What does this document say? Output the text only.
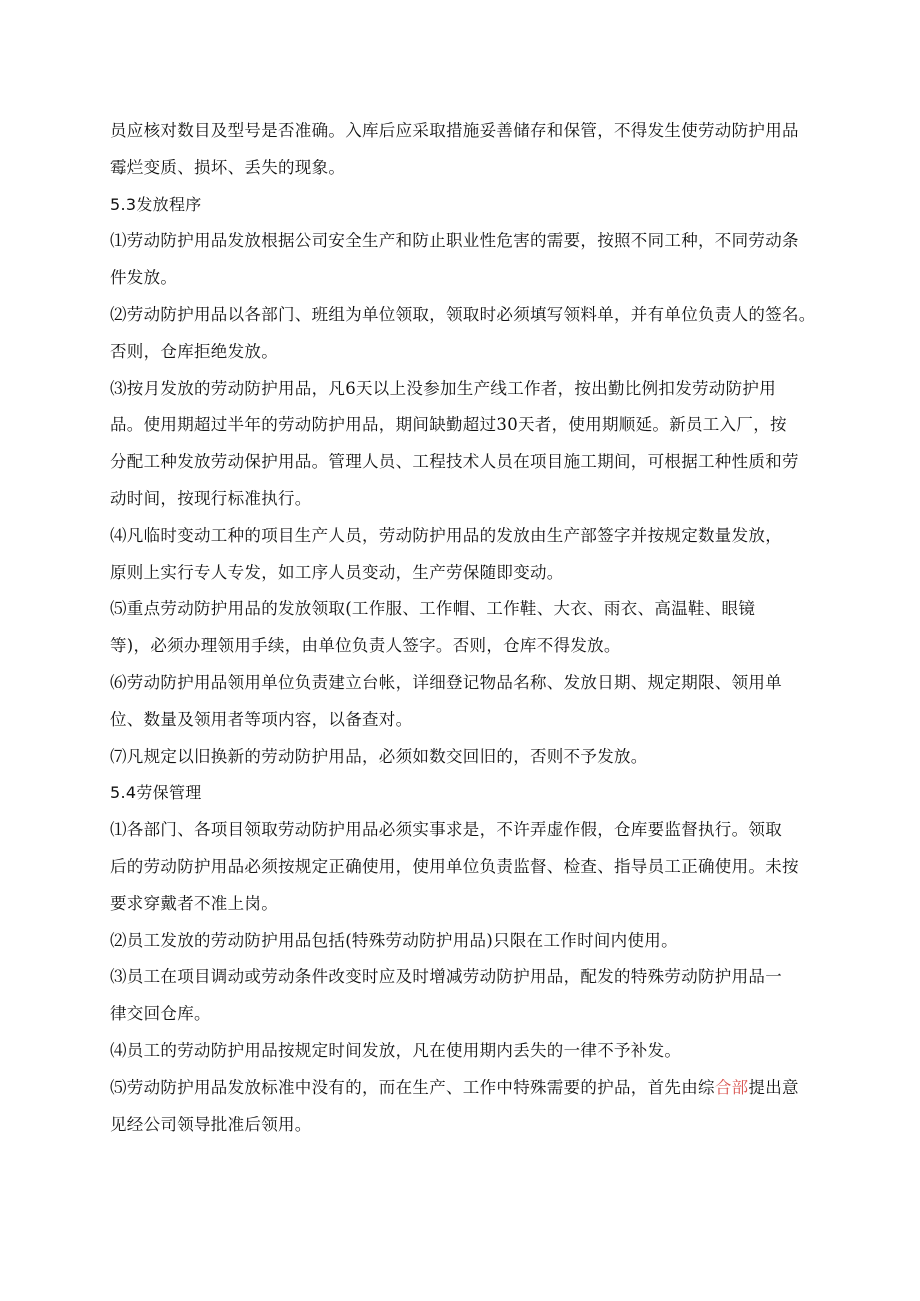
员应核对数目及型号是否准确。入库后应采取措施妥善储存和保管，不得发生使劳动防护用品
霉烂变质、损坏、丢失的现象。
5.3发放程序
⑴劳动防护用品发放根据公司安全生产和防止职业性危害的需要，按照不同工种，不同劳动条
件发放。
⑵劳动防护用品以各部门、班组为单位领取，领取时必须填写领料单，并有单位负责人的签名。
否则，仓库拒绝发放。
⑶按月发放的劳动防护用品，凡6天以上没参加生产线工作者，按出勤比例扣发劳动防护用
品。使用期超过半年的劳动防护用品，期间缺勤超过30天者，使用期顺延。新员工入厂，按
分配工种发放劳动保护用品。管理人员、工程技术人员在项目施工期间，可根据工种性质和劳
动时间，按现行标准执行。
⑷凡临时变动工种的项目生产人员，劳动防护用品的发放由生产部签字并按规定数量发放，
原则上实行专人专发，如工序人员变动，生产劳保随即变动。
⑸重点劳动防护用品的发放领取(工作服、工作帽、工作鞋、大衣、雨衣、高温鞋、眼镜
等)，必须办理领用手续，由单位负责人签字。否则，仓库不得发放。
⑹劳动防护用品领用单位负责建立台帐，详细登记物品名称、发放日期、规定期限、领用单
位、数量及领用者等项内容，以备查对。
⑺凡规定以旧换新的劳动防护用品，必须如数交回旧的，否则不予发放。
5.4劳保管理
⑴各部门、各项目领取劳动防护用品必须实事求是，不许弄虚作假，仓库要监督执行。领取
后的劳动防护用品必须按规定正确使用，使用单位负责监督、检查、指导员工正确使用。未按
要求穿戴者不准上岗。
⑵员工发放的劳动防护用品包括(特殊劳动防护用品)只限在工作时间内使用。
⑶员工在项目调动或劳动条件改变时应及时增减劳动防护用品，配发的特殊劳动防护用品一
律交回仓库。
⑷员工的劳动防护用品按规定时间发放，凡在使用期内丢失的一律不予补发。
⑸劳动防护用品发放标准中没有的，而在生产、工作中特殊需要的护品，首先由综合部提出意
见经公司领导批准后领用。
